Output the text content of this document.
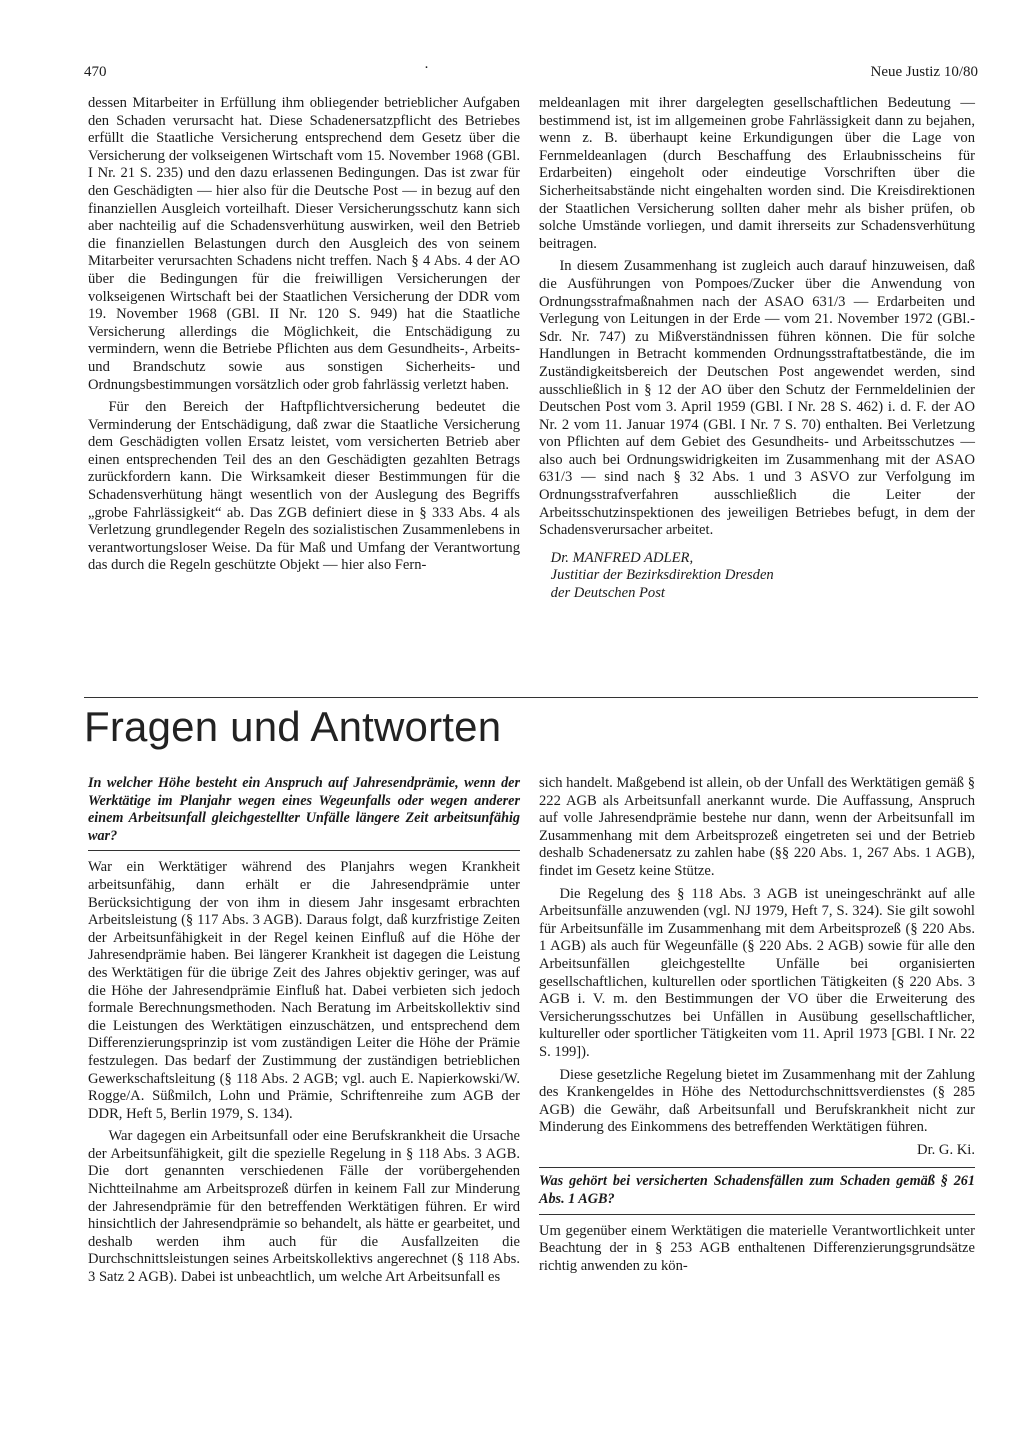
470	·	Neue Justiz 10/80

dessen Mitarbeiter in Erfüllung ihm obliegender betrieblicher Aufgaben den Schaden verursacht hat. Diese Schadenersatzpflicht des Betriebes erfüllt die Staatliche Versicherung entsprechend dem Gesetz über die Versicherung der volkseigenen Wirtschaft vom 15. November 1968 (GBl. I Nr. 21 S. 235) und den dazu erlassenen Bedingungen. Das ist zwar für den Geschädigten — hier also für die Deutsche Post — in bezug auf den finanziellen Ausgleich vorteilhaft. Dieser Versicherungsschutz kann sich aber nachteilig auf die Schadensverhütung auswirken, weil den Betrieb die finanziellen Belastungen durch den Ausgleich des von seinem Mitarbeiter verursachten Schadens nicht treffen. Nach § 4 Abs. 4 der AO über die Bedingungen für die freiwilligen Versicherungen der volkseigenen Wirtschaft bei der Staatlichen Versicherung der DDR vom 19. November 1968 (GBl. II Nr. 120 S. 949) hat die Staatliche Versicherung allerdings die Möglichkeit, die Entschädigung zu vermindern, wenn die Betriebe Pflichten aus dem Gesundheits-, Arbeits- und Brandschutz sowie aus sonstigen Sicherheits- und Ordnungsbestimmungen vorsätzlich oder grob fahrlässig verletzt haben.

Für den Bereich der Haftpflichtversicherung bedeutet die Verminderung der Entschädigung, daß zwar die Staatliche Versicherung dem Geschädigten vollen Ersatz leistet, vom versicherten Betrieb aber einen entsprechenden Teil des an den Geschädigten gezahlten Betrags zurückfordern kann. Die Wirksamkeit dieser Bestimmungen für die Schadensverhütung hängt wesentlich von der Auslegung des Begriffs „grobe Fahrlässigkeit“ ab. Das ZGB definiert diese in § 333 Abs. 4 als Verletzung grundlegender Regeln des sozialistischen Zusammenlebens in verantwortungsloser Weise. Da für Maß und Umfang der Verantwortung das durch die Regeln geschützte Objekt — hier also Fern-

meldeanlagen mit ihrer dargelegten gesellschaftlichen Bedeutung — bestimmend ist, ist im allgemeinen grobe Fahrlässigkeit dann zu bejahen, wenn z. B. überhaupt keine Erkundigungen über die Lage von Fernmeldeanlagen (durch Beschaffung des Erlaubnisscheins für Erdarbeiten) eingeholt oder eindeutige Vorschriften über die Sicherheitsabstände nicht eingehalten worden sind. Die Kreisdirektionen der Staatlichen Versicherung sollten daher mehr als bisher prüfen, ob solche Umstände vorliegen, und damit ihrerseits zur Schadensverhütung beitragen.

In diesem Zusammenhang ist zugleich auch darauf hinzuweisen, daß die Ausführungen von Pompoes/Zucker über die Anwendung von Ordnungsstrafmaßnahmen nach der ASAO 631/3 — Erdarbeiten und Verlegung von Leitungen in der Erde — vom 21. November 1972 (GBl.-Sdr. Nr. 747) zu Mißverständnissen führen können. Die für solche Handlungen in Betracht kommenden Ordnungsstraftatbestände, die im Zuständigkeitsbereich der Deutschen Post angewendet werden, sind ausschließlich in § 12 der AO über den Schutz der Fernmeldelinien der Deutschen Post vom 3. April 1959 (GBl. I Nr. 28 S. 462) i. d. F. der AO Nr. 2 vom 11. Januar 1974 (GBl. I Nr. 7 S. 70) enthalten. Bei Verletzung von Pflichten auf dem Gebiet des Gesundheits- und Arbeitsschutzes — also auch bei Ordnungswidrigkeiten im Zusammenhang mit der ASAO 631/3 — sind nach § 32 Abs. 1 und 3 ASVO zur Verfolgung im Ordnungsstrafverfahren ausschließlich die Leiter der Arbeitsschutzinspektionen des jeweiligen Betriebes befugt, in dem der Schadensverursacher arbeitet.

Dr. MANFRED ADLER,
Justitiar der Bezirksdirektion Dresden
der Deutschen Post
Fragen und Antworten
In welcher Höhe besteht ein Anspruch auf Jahresendprämie, wenn der Werktätige im Planjahr wegen eines Wegeunfalls oder wegen anderer einem Arbeitsunfall gleichgestellter Unfälle längere Zeit arbeitsunfähig war?

War ein Werktätiger während des Planjahrs wegen Krankheit arbeitsunfähig, dann erhält er die Jahresendprämie unter Berücksichtigung der von ihm in diesem Jahr insgesamt erbrachten Arbeitsleistung (§ 117 Abs. 3 AGB). Daraus folgt, daß kurzfristige Zeiten der Arbeitsunfähigkeit in der Regel keinen Einfluß auf die Höhe der Jahresendprämie haben. Bei längerer Krankheit ist dagegen die Leistung des Werktätigen für die übrige Zeit des Jahres objektiv geringer, was auf die Höhe der Jahresendprämie Einfluß hat. Dabei verbieten sich jedoch formale Berechnungsmethoden. Nach Beratung im Arbeitskollektiv sind die Leistungen des Werktätigen einzuschätzen, und entsprechend dem Differenzierungsprinzip ist vom zuständigen Leiter die Höhe der Prämie festzulegen. Das bedarf der Zustimmung der zuständigen betrieblichen Gewerkschaftsleitung (§ 118 Abs. 2 AGB; vgl. auch E. Napierkowski/W. Rogge/A. Süßmilch, Lohn und Prämie, Schriftenreihe zum AGB der DDR, Heft 5, Berlin 1979, S. 134).

War dagegen ein Arbeitsunfall oder eine Berufskrankheit die Ursache der Arbeitsunfähigkeit, gilt die spezielle Regelung in § 118 Abs. 3 AGB. Die dort genannten verschiedenen Fälle der vorübergehenden Nichtteilnahme am Arbeitsprozeß dürfen in keinem Fall zur Minderung der Jahresendprämie für den betreffenden Werktätigen führen. Er wird hinsichtlich der Jahresendprämie so behandelt, als hätte er gearbeitet, und deshalb werden ihm auch für die Ausfallzeiten die Durchschnittsleistungen seines Arbeitskollektivs angerechnet (§ 118 Abs. 3 Satz 2 AGB). Dabei ist unbeachtlich, um welche Art Arbeitsunfall es

sich handelt. Maßgebend ist allein, ob der Unfall des Werktätigen gemäß § 222 AGB als Arbeitsunfall anerkannt wurde. Die Auffassung, Anspruch auf volle Jahresendprämie bestehe nur dann, wenn der Arbeitsunfall im Zusammenhang mit dem Arbeitsprozeß eingetreten sei und der Betrieb deshalb Schadenersatz zu zahlen habe (§§ 220 Abs. 1, 267 Abs. 1 AGB), findet im Gesetz keine Stütze.

Die Regelung des § 118 Abs. 3 AGB ist uneingeschränkt auf alle Arbeitsunfälle anzuwenden (vgl. NJ 1979, Heft 7, S. 324). Sie gilt sowohl für Arbeitsunfälle im Zusammenhang mit dem Arbeitsprozeß (§ 220 Abs. 1 AGB) als auch für Wegeunfälle (§ 220 Abs. 2 AGB) sowie für alle den Arbeitsunfällen gleichgestellte Unfälle bei organisierten gesellschaftlichen, kulturellen oder sportlichen Tätigkeiten (§ 220 Abs. 3 AGB i. V. m. den Bestimmungen der VO über die Erweiterung des Versicherungsschutzes bei Unfällen in Ausübung gesellschaftlicher, kultureller oder sportlicher Tätigkeiten vom 11. April 1973 [GBl. I Nr. 22 S. 199]).

Diese gesetzliche Regelung bietet im Zusammenhang mit der Zahlung des Krankengeldes in Höhe des Nettodurchschnittsverdienstes (§ 285 AGB) die Gewähr, daß Arbeitsunfall und Berufskrankheit nicht zur Minderung des Einkommens des betreffenden Werktätigen führen.

Dr. G. Ki.
Was gehört bei versicherten Schadensfällen zum Schaden gemäß § 261 Abs. 1 AGB?

Um gegenüber einem Werktätigen die materielle Verantwortlichkeit unter Beachtung der in § 253 AGB enthaltenen Differenzierungsgrundsätze richtig anwenden zu kön-
